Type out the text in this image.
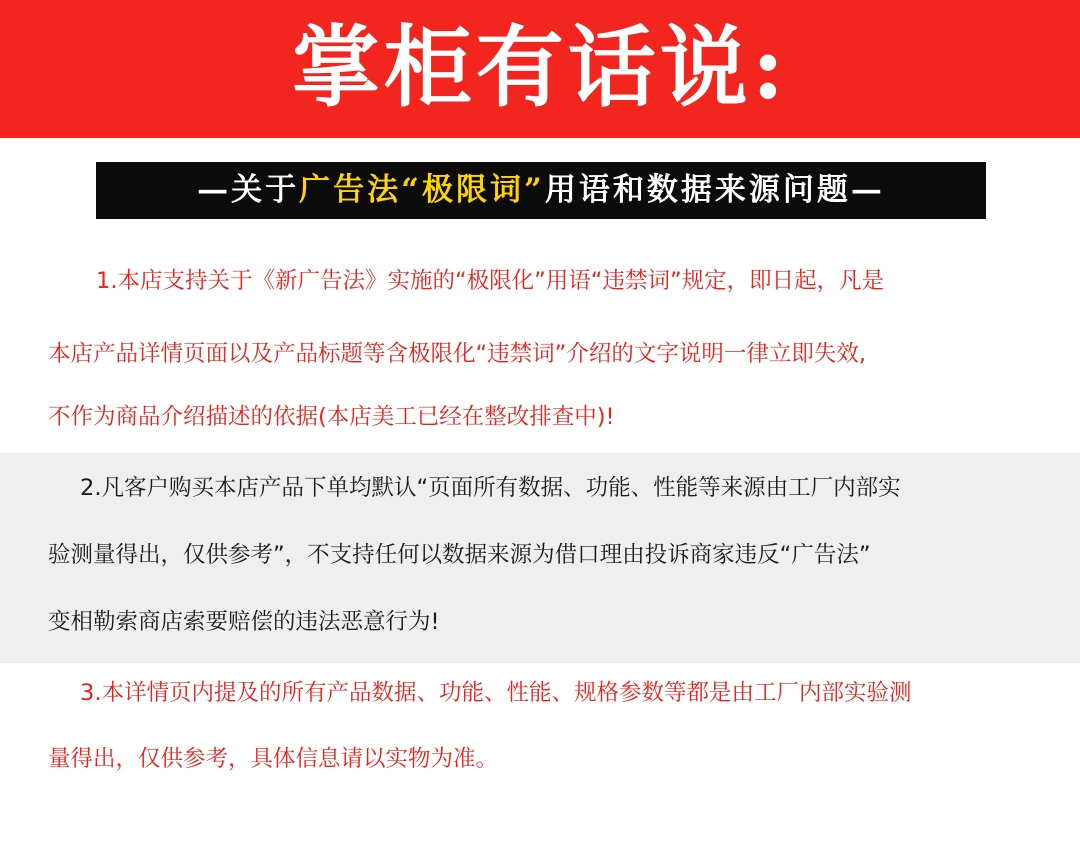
掌柜有话说:
—关于 广告法“极限词” 用语和数据来源问题—
1.本店支持关于《新广告法》实施的“极限化”用语“违禁词”规定，即日起，凡是
本店产品详情页面以及产品标题等含极限化“违禁词”介绍的文字说明一律立即失效,
不作为商品介绍描述的依据(本店美工已经在整改排查中)!
2.凡客户购买本店产品下单均默认“页面所有数据、功能、性能等来源由工厂内部实
验测量得出，仅供参考”，不支持任何以数据来源为借口理由投诉商家违反“广告法”
变相勒索商店索要赔偿的违法恶意行为!
3.本详情页内提及的所有产品数据、功能、性能、规格参数等都是由工厂内部实验测
量得出，仅供参考，具体信息请以实物为准。
